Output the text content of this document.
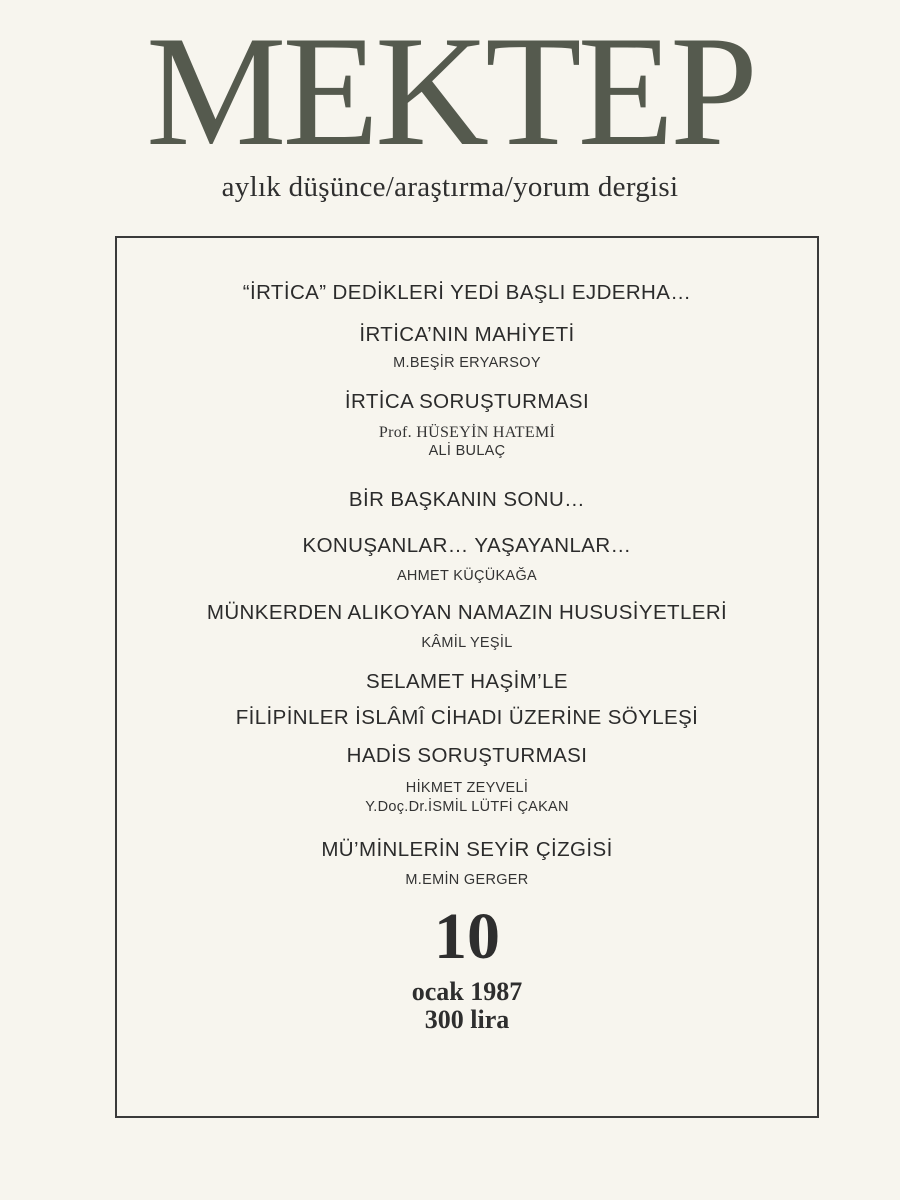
MEKTEP
aylık düşünce/araştırma/yorum dergisi
“İRTİCA” DEDİKLERİ YEDİ BAŞLI EJDERHA…
İRTİCA’NIN MAHİYETİ
M.BEŞİR ERYARSOY
İRTİCA SORUŞTURMASI
Prof. HÜSEYİN HATEMİ
ALİ BULAÇ
BİR BAŞKANIN SONU…
KONUŞANLAR… YAŞAYANLAR…
AHMET KÜÇÜKAĞA
MÜNKERDEN ALIKOYAN NAMAZIN HUSUSİYETLERİ
KÂMİL YEŞİL
SELAMET HAŞİM’LE
FİLİPİNLER İSLÂMÎ CİHADI ÜZERİNE SÖYLEŞİ
HADİS SORUŞTURMASI
HİKMET ZEYVELİ
Y.Doç.Dr.İSMİL LÜTFİ ÇAKAN
MÜ’MİNLERİN SEYİR ÇİZGİSİ
M.EMİN GERGER
10
ocak 1987
300 lira
